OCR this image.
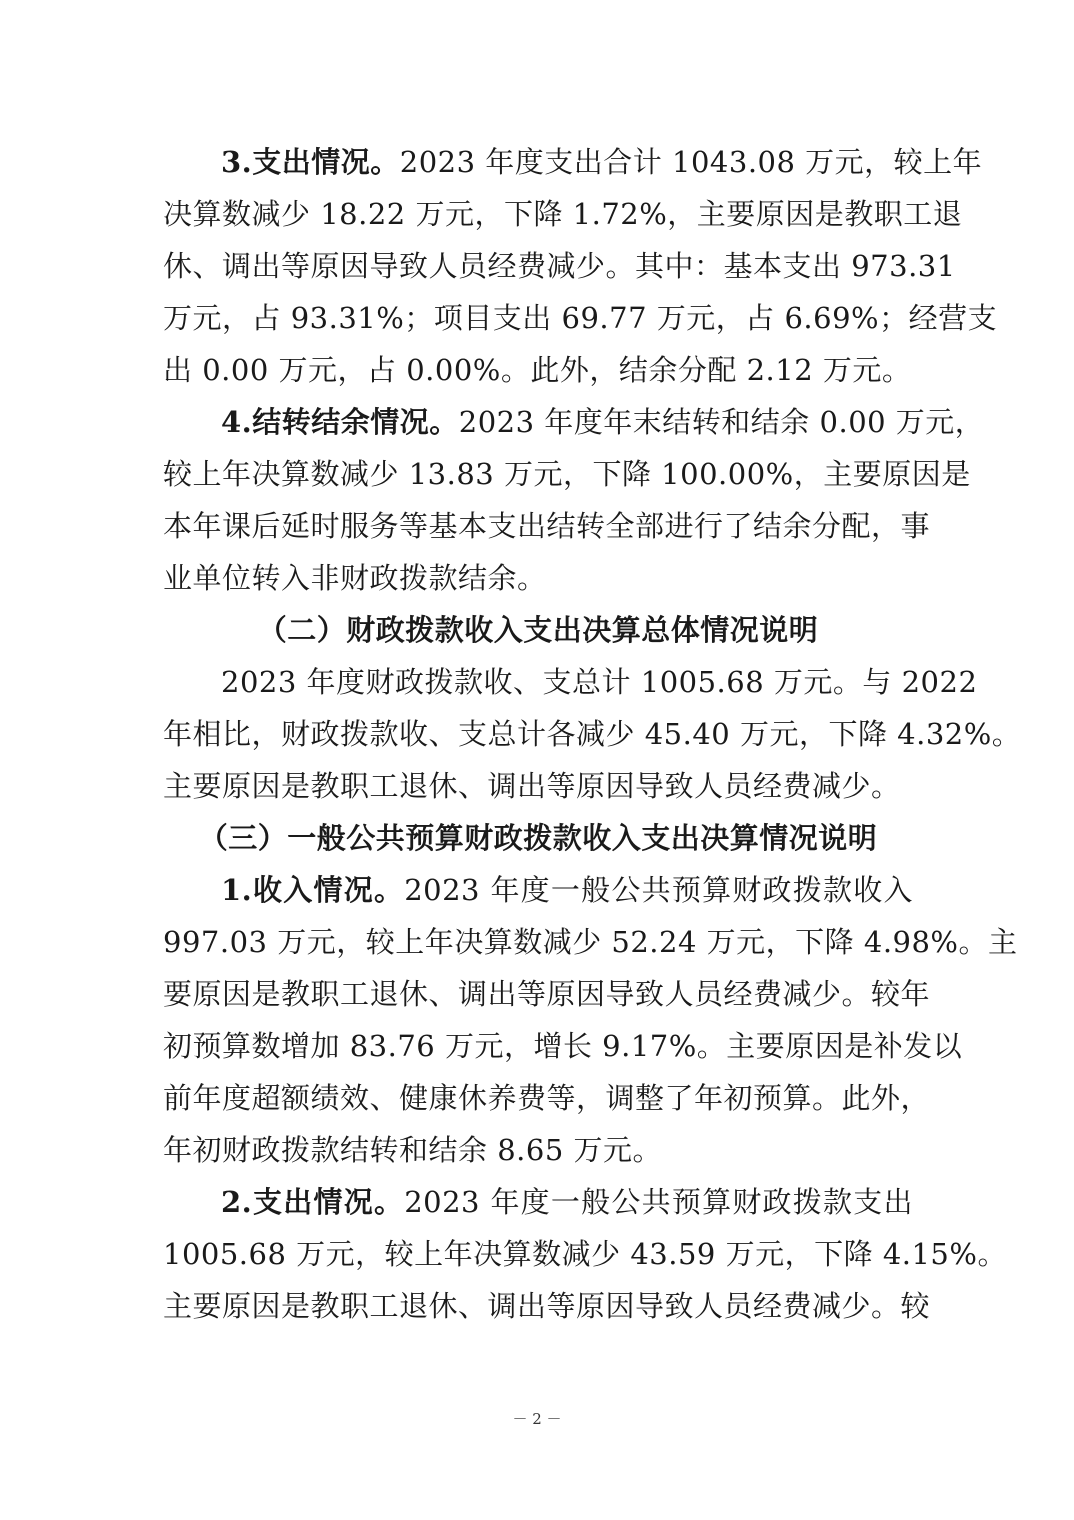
3.支出情况。2023 年度支出合计 1043.08 万元，较上年
决算数减少 18.22 万元，下降 1.72%，主要原因是教职工退
休、调出等原因导致人员经费减少。其中：基本支出 973.31
万元，占 93.31%；项目支出 69.77 万元，占 6.69%；经营支
出 0.00 万元，占 0.00%。此外，结余分配 2.12 万元。
4.结转结余情况。2023 年度年末结转和结余 0.00 万元，
较上年决算数减少 13.83 万元，下降 100.00%，主要原因是
本年课后延时服务等基本支出结转全部进行了结余分配，事
业单位转入非财政拨款结余。
（二）财政拨款收入支出决算总体情况说明
2023 年度财政拨款收、支总计 1005.68 万元。与 2022
年相比，财政拨款收、支总计各减少 45.40 万元，下降 4.32%。
主要原因是教职工退休、调出等原因导致人员经费减少。
（三）一般公共预算财政拨款收入支出决算情况说明
1.收入情况。2023 年度一般公共预算财政拨款收入
997.03 万元，较上年决算数减少 52.24 万元，下降 4.98%。主
要原因是教职工退休、调出等原因导致人员经费减少。较年
初预算数增加 83.76 万元，增长 9.17%。主要原因是补发以
前年度超额绩效、健康休养费等，调整了年初预算。此外，
年初财政拨款结转和结余 8.65 万元。
2.支出情况。2023 年度一般公共预算财政拨款支出
1005.68 万元，较上年决算数减少 43.59 万元，下降 4.15%。
主要原因是教职工退休、调出等原因导致人员经费减少。较
－ 2 －
